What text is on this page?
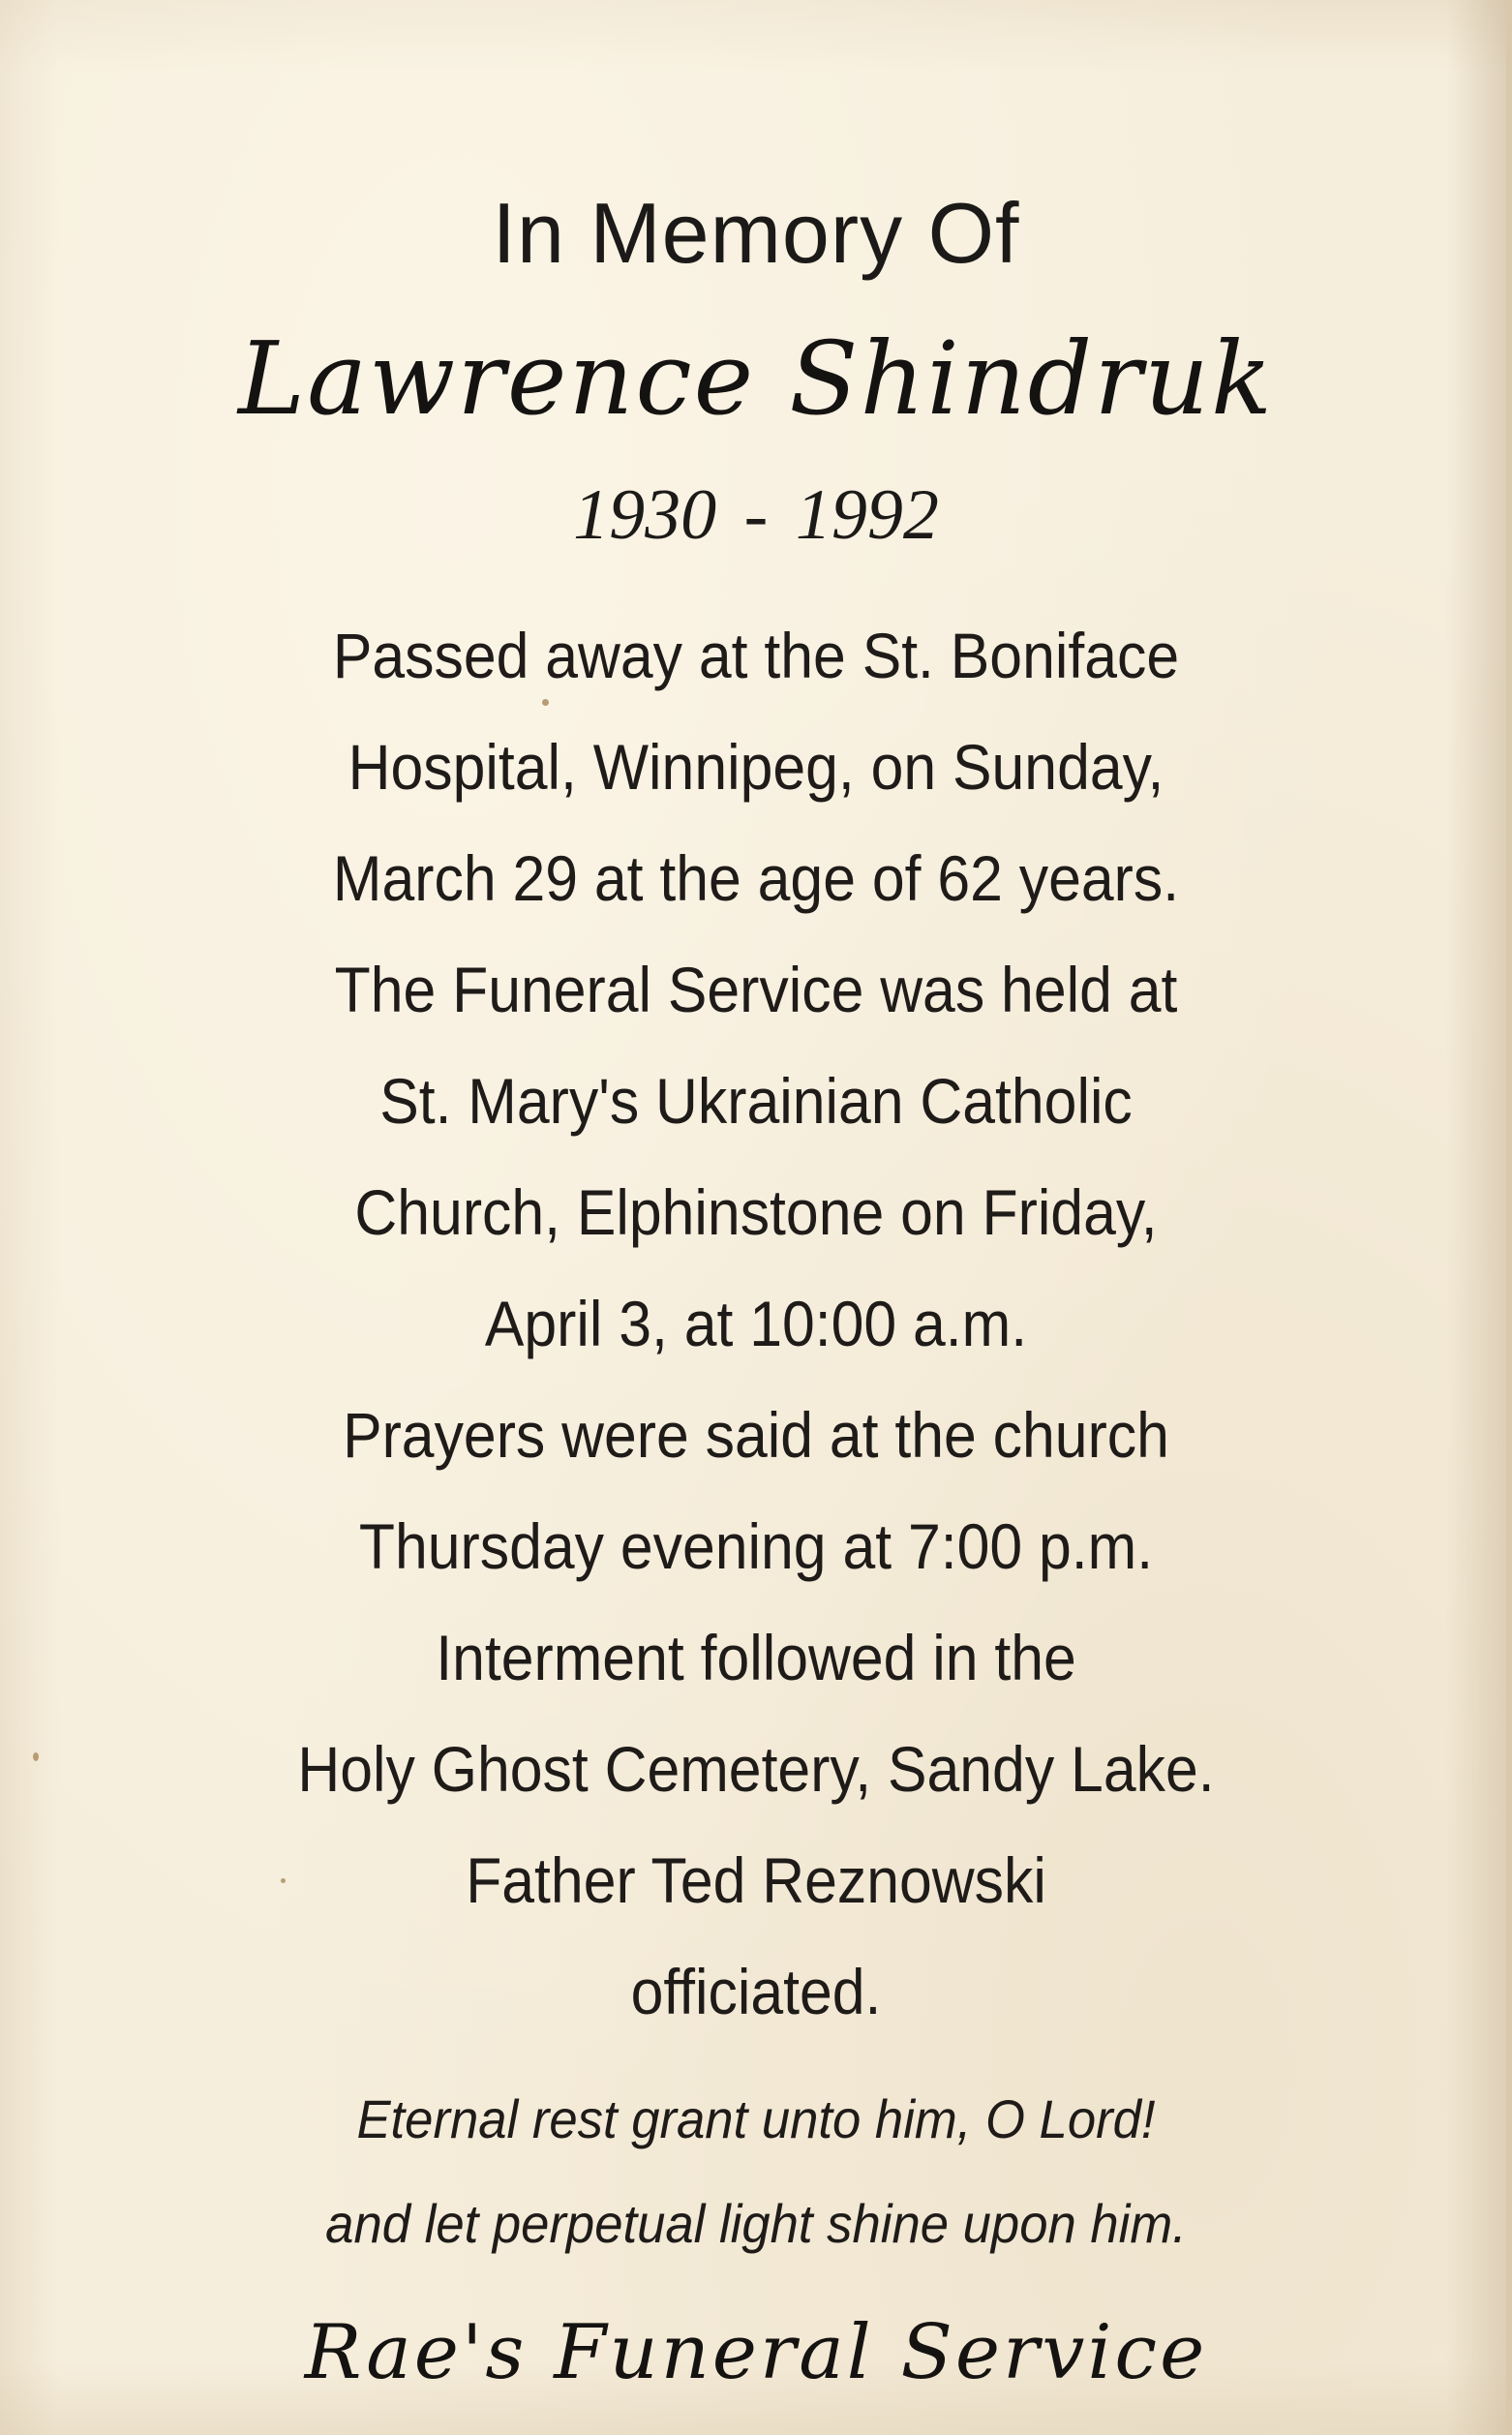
In Memory Of
Lawrence Shindruk
1930 - 1992
Passed away at the St. Boniface
Hospital, Winnipeg, on Sunday,
March 29 at the age of 62 years.
The Funeral Service was held at
St. Mary's Ukrainian Catholic
Church, Elphinstone on Friday,
April 3, at 10:00 a.m.
Prayers were said at the church
Thursday evening at 7:00 p.m.
Interment followed in the
Holy Ghost Cemetery, Sandy Lake.
Father Ted Reznowski
officiated.
Eternal rest grant unto him, O Lord!
and let perpetual light shine upon him.
Rae's Funeral Service
